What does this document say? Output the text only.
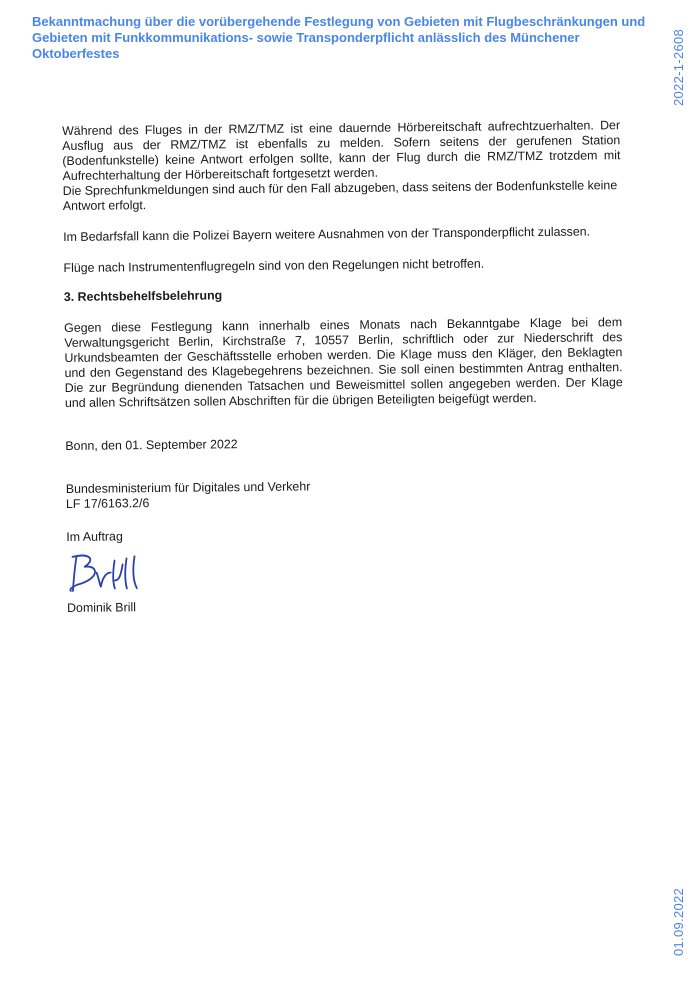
Bekanntmachung über die vorübergehende Festlegung von Gebieten mit Flugbeschränkungen und Gebieten mit Funkkommunikations- sowie Transponderpflicht anlässlich des Münchener Oktoberfestes	2022-1-2608
01.09.2022

Während des Fluges in der RMZ/TMZ ist eine dauernde Hörbereitschaft aufrechtzuerhalten. Der Ausflug aus der RMZ/TMZ ist ebenfalls zu melden. Sofern seitens der gerufenen Station (Bodenfunkstelle) keine Antwort erfolgen sollte, kann der Flug durch die RMZ/TMZ trotzdem mit Aufrechterhaltung der Hörbereitschaft fortgesetzt werden.

Die Sprechfunkmeldungen sind auch für den Fall abzugeben, dass seitens der Bodenfunkstelle keine Antwort erfolgt.

Im Bedarfsfall kann die Polizei Bayern weitere Ausnahmen von der Transponderpflicht zulassen.

Flüge nach Instrumentenflugregeln sind von den Regelungen nicht betroffen.

3. Rechtsbehelfsbelehrung

Gegen diese Festlegung kann innerhalb eines Monats nach Bekanntgabe Klage bei dem Verwaltungsgericht Berlin, Kirchstraße 7, 10557 Berlin, schriftlich oder zur Niederschrift des Urkundsbeamten der Geschäftsstelle erhoben werden. Die Klage muss den Kläger, den Beklagten und den Gegenstand des Klagebegehrens bezeichnen. Sie soll einen bestimmten Antrag enthalten. Die zur Begründung dienenden Tatsachen und Beweismittel sollen angegeben werden. Der Klage und allen Schriftsätzen sollen Abschriften für die übrigen Beteiligten beigefügt werden.

Bonn, den 01. September 2022

Bundesministerium für Digitales und Verkehr

LF 17/6163.2/6

Im Auftrag

Dominik Brill
